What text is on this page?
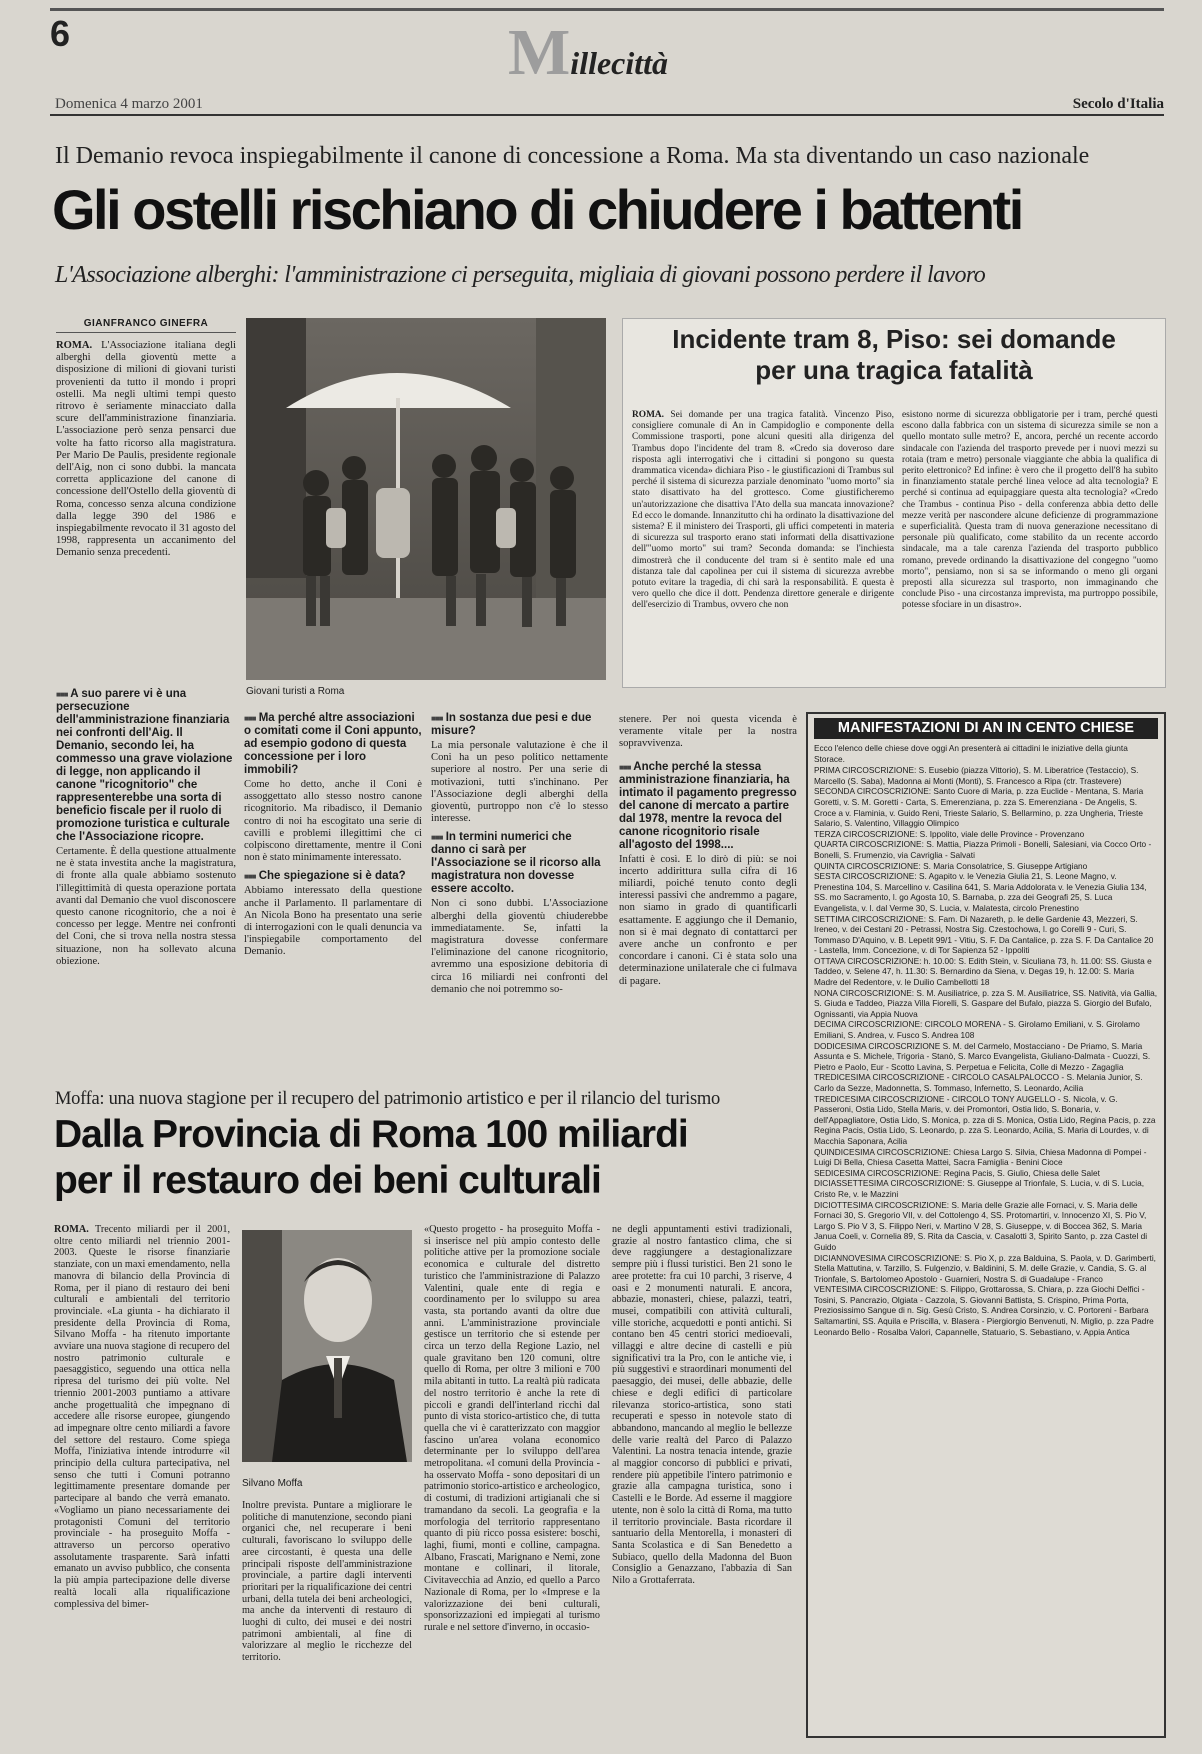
6	Millecittà
Domenica 4 marzo 2001	Secolo d'Italia
Il Demanio revoca inspiegabilmente il canone di concessione a Roma. Ma sta diventando un caso nazionale
Gli ostelli rischiano di chiudere i battenti
L'Associazione alberghi: l'amministrazione ci perseguita, migliaia di giovani possono perdere il lavoro
GIANFRANCO GINEFRA

ROMA. L'Associazione italiana degli alberghi della gioventù mette a disposizione di milioni di giovani turisti provenienti da tutto il mondo i propri ostelli. Ma negli ultimi tempi questo ritrovo è seriamente minacciato dalla scure dell'amministrazione finanziaria. L'associazione però senza pensarci due volte ha fatto ricorso alla magistratura. Per Mario De Paulis, presidente regionale dell'Aig, non ci sono dubbi. la mancata corretta applicazione del canone di concessione dell'Ostello della gioventù di Roma, concesso senza alcuna condizione dalla legge 390 del 1986 e inspiegabilmente revocato il 31 agosto del 1998, rappresenta un accanimento del Demanio senza precedenti.

Giovani turisti a Roma
■■■ A suo parere vi è una persecuzione dell'amministrazione finanziaria nei confronti dell'Aig. Il Demanio, secondo lei, ha commesso una grave violazione di legge, non applicando il canone "ricognitorio" che rappresenterebbe una sorta di beneficio fiscale per il ruolo di promozione turistica e culturale che l'Associazione ricopre.

Certamente. È della questione attualmente ne è stata investita anche la magistratura, di fronte alla quale abbiamo sostenuto l'illegittimità di questa operazione portata avanti dal Demanio che vuol disconoscere questo canone ricognitorio, che a noi è concesso per legge. Mentre nei confronti del Coni, che si trova nella nostra stessa situazione, non ha sollevato alcuna obiezione.

■■■ Ma perché altre associazioni o comitati come il Coni appunto, ad esempio godono di questa concessione per i loro immobili?

Come ho detto, anche il Coni è assoggettato allo stesso nostro canone ricognitorio. Ma ribadisco, il Demanio contro di noi ha escogitato una serie di cavilli e problemi illegittimi che ci colpiscono direttamente, mentre il Coni non è stato minimamente interessato.

■■■ Che spiegazione si è data?

Abbiamo interessato della questione anche il Parlamento. Il parlamentare di An Nicola Bono ha presentato una serie di interrogazioni con le quali denuncia va l'inspiegabile comportamento del Demanio.

■■■ In sostanza due pesi e due misure?

La mia personale valutazione è che il Coni ha un peso politico nettamente superiore al nostro. Per una serie di motivazioni, tutti s'inchinano. Per l'Associazione degli alberghi della gioventù, purtroppo non c'è lo stesso interesse.

■■■ In termini numerici che danno ci sarà per l'Associazione se il ricorso alla magistratura non dovesse essere accolto.

Non ci sono dubbi. L'Associazione alberghi della gioventù chiuderebbe immediatamente. Se, infatti la magistratura dovesse confermare l'eliminazione del canone ricognitorio, avremmo una esposizione debitoria di circa 16 miliardi nei confronti del demanio che noi potremmo so-

stenere. Per noi questa vicenda è veramente vitale per la nostra sopravvivenza.

■■■ Anche perché la stessa amministrazione finanziaria, ha intimato il pagamento pregresso del canone di mercato a partire dal 1978, mentre la revoca del canone ricognitorio risale all'agosto del 1998....

Infatti è così. E lo dirò di più: se noi incerto addirittura sulla cifra di 16 miliardi, poiché tenuto conto degli interessi passivi che andremmo a pagare, non siamo in grado di quantificarli esattamente. E aggiungo che il Demanio, non si è mai degnato di contattarci per avere anche un confronto e per concordare i canoni. Ci è stata solo una determinazione unilaterale che ci fulmava di pagare.

Incidente tram 8, Piso: sei domande
per una tragica fatalità

ROMA. Sei domande per una tragica fatalità. Vincenzo Piso, consigliere comunale di An in Campidoglio e componente della Commissione trasporti, pone alcuni quesiti alla dirigenza del Trambus dopo l'incidente del tram 8. «Credo sia doveroso dare risposta agli interrogativi che i cittadini si pongono su questa drammatica vicenda» dichiara Piso - le giustificazioni di Trambus sul perché il sistema di sicurezza parziale denominato "uomo morto" sia stato disattivato ha del grottesco. Come giustificheremo un'autorizzazione che disattiva l'Ato della sua mancata innovazione? Ed ecco le domande. Innanzitutto chi ha ordinato la disattivazione del sistema? E il ministero dei Trasporti, gli uffici competenti in materia di sicurezza sul trasporto erano stati informati della disattivazione dell'"uomo morto" sui tram? Seconda domanda: se l'inchiesta dimostrerà che il conducente del tram si è sentito male ed una distanza tale dal capolinea per cui il sistema di sicurezza avrebbe potuto evitare la tragedia, di chi sarà la responsabilità. E questa è vero quello che dice il dott. Pendenza direttore generale e dirigente dell'esercizio di Trambus, ovvero che non

esistono norme di sicurezza obbligatorie per i tram, perché questi escono dalla fabbrica con un sistema di sicurezza simile se non a quello montato sulle metro? E, ancora, perché un recente accordo sindacale con l'azienda del trasporto prevede per i nuovi mezzi su rotaia (tram e metro) personale viaggiante che abbia la qualifica di perito elettronico? Ed infine: è vero che il progetto dell'8 ha subìto in finanziamento statale perché linea veloce ad alta tecnologia? E perché si continua ad equipaggiare questa alta tecnologia? «Credo che Trambus - continua Piso - della conferenza abbia detto delle mezze verità per nascondere alcune deficienze di programmazione e superficialità. Questa tram di nuova generazione necessitano di personale più qualificato, come stabilito da un recente accordo sindacale, ma a tale carenza l'azienda del trasporto pubblico romano, prevede ordinando la disattivazione del congegno "uomo morto", pensiamo, non si sa se informando o meno gli organi preposti alla sicurezza sul trasporto, non immaginando che conclude Piso - una circostanza imprevista, ma purtroppo possibile, potesse sfociare in un disastro».

MANIFESTAZIONI DI AN IN CENTO CHIESE

Ecco l'elenco delle chiese dove oggi An presenterà ai cittadini le iniziative della giunta Storace.

PRIMA CIRCOSCRIZIONE: S. Eusebio (piazza Vittorio), S. M. Liberatrice (Testaccio), S. Marcello (S. Saba), Madonna ai Monti (Monti), S. Francesco a Ripa (ctr. Trastevere)

SECONDA CIRCOSCRIZIONE: Santo Cuore di Maria, p. zza Euclide - Mentana, S. Maria Goretti, v. S. M. Goretti - Carta, S. Emerenziana, p. zza S. Emerenziana - De Angelis, S. Croce a v. Flaminia, v. Guido Reni, Trieste Salario, S. Bellarmino, p. zza Ungheria, Trieste Salario, S. Valentino, Villaggio Olimpico

TERZA CIRCOSCRIZIONE: S. Ippolito, viale delle Province - Provenzano

QUARTA CIRCOSCRIZIONE: S. Mattia, Piazza Primoli - Bonelli, Salesiani, via Cocco Orto - Bonelli, S. Frumenzio, via Cavriglia - Salvati

QUINTA CIRCOSCRIZIONE: S. Maria Consolatrice, S. Giuseppe Artigiano

SESTA CIRCOSCRIZIONE: S. Agapito v. le Venezia Giulia 21, S. Leone Magno, v. Prenestina 104, S. Marcellino v. Casilina 641, S. Maria Addolorata v. le Venezia Giulia 134, SS. mo Sacramento, l. go Agosta 10, S. Barnaba, p. zza dei Geografi 25, S. Luca Evangelista, v. l. dal Verme 30, S. Lucia, v. Malatesta, circolo Prenestino

SETTIMA CIRCOSCRIZIONE: S. Fam. Di Nazareth, p. le delle Gardenie 43, Mezzeri, S. Ireneo, v. dei Cestani 20 - Petrassi, Nostra Sig. Czestochowa, l. go Corelli 9 - Curi, S. Tommaso D'Aquino, v. B. Lepetit 99/1 - Vitiu, S. F. Da Cantalice, p. zza S. F. Da Cantalice 20 - Lastella, Imm. Concezione, v. di Tor Sapienza 52 - Ippoliti

OTTAVA CIRCOSCRIZIONE: h. 10.00: S. Edith Stein, v. Siculiana 73, h. 11.00: SS. Giusta e Taddeo, v. Selene 47, h. 11.30: S. Bernardino da Siena, v. Degas 19, h. 12.00: S. Maria Madre del Redentore, v. le Duilio Cambellotti 18

NONA CIRCOSCRIZIONE: S. M. Ausiliatrice, p. zza S. M. Ausiliatrice, SS. Natività, via Gallia, S. Giuda e Taddeo, Piazza Villa Fiorelli, S. Gaspare del Bufalo, piazza S. Giorgio del Bufalo, Ognissanti, via Appia Nuova

DECIMA CIRCOSCRIZIONE: CIRCOLO MORENA - S. Girolamo Emiliani, v. S. Girolamo Emiliani, S. Andrea, v. Fusco S. Andrea 108

DODICESIMA CIRCOSCRIZIONE S. M. del Carmelo, Mostacciano - De Priamo, S. Maria Assunta e S. Michele, Trigoria - Stanò, S. Marco Evangelista, Giuliano-Dalmata - Cuozzi, S. Pietro e Paolo, Eur - Scotto Lavina, S. Perpetua e Felicita, Colle di Mezzo - Zagaglia

TREDICESIMA CIRCOSCRIZIONE - CIRCOLO CASALPALOCCO - S. Melania Junior, S. Carlo da Sezze, Madonnetta, S. Tommaso, Infernetto, S. Leonardo, Acilia

TREDICESIMA CIRCOSCRIZIONE - CIRCOLO TONY AUGELLO - S. Nicola, v. G. Passeroni, Ostia Lido, Stella Maris, v. dei Promontori, Ostia lido, S. Bonaria, v. dell'Appagliatore, Ostia Lido, S. Monica, p. zza di S. Monica, Ostia Lido, Regina Pacis, p. zza Regina Pacis, Ostia Lido, S. Leonardo, p. zza S. Leonardo, Acilia, S. Maria di Lourdes, v. di Macchia Saponara, Acilia

QUINDICESIMA CIRCOSCRIZIONE: Chiesa Largo S. Silvia, Chiesa Madonna di Pompei - Luigi Di Bella, Chiesa Casetta Mattei, Sacra Famiglia - Benini Cioce

SEDICESIMA CIRCOSCRIZIONE: Regina Pacis, S. Giulio, Chiesa delle Salet

DICIASSETTESIMA CIRCOSCRIZIONE: S. Giuseppe al Trionfale, S. Lucia, v. di S. Lucia, Cristo Re, v. le Mazzini

DICIOTTESIMA CIRCOSCRIZIONE: S. Maria delle Grazie alle Fornaci, v. S. Maria delle Fornaci 30, S. Gregorio VII, v. del Cottolengo 4, SS. Protomartiri, v. Innocenzo XI, S. Pio V, Largo S. Pio V 3, S. Filippo Neri, v. Martino V 28, S. Giuseppe, v. di Boccea 362, S. Maria Janua Coeli, v. Cornelia 89, S. Rita da Cascia, v. Casalotti 3, Spirito Santo, p. zza Castel di Guido

DICIANNOVESIMA CIRCOSCRIZIONE: S. Pio X, p. zza Balduina, S. Paola, v. D. Garimberti, Stella Mattutina, v. Tarzillo, S. Fulgenzio, v. Baldinini, S. M. delle Grazie, v. Candia, S. G. al Trionfale, S. Bartolomeo Apostolo - Guarnieri, Nostra S. di Guadalupe - Franco

VENTESIMA CIRCOSCRIZIONE: S. Filippo, Grottarossa, S. Chiara, p. zza Giochi Delfici - Tosini, S. Pancrazio, Olgiata - Cazzola, S. Giovanni Battista, S. Crispino, Prima Porta, Preziosissimo Sangue di n. Sig. Gesù Cristo, S. Andrea Corsinzio, v. C. Portoreni - Barbara Saltamartini, SS. Aquila e Priscilla, v. Blasera - Piergiorgio Benvenuti, N. Miglio, p. zza Padre Leonardo Bello - Rosalba Valori, Capannelle, Statuario, S. Sebastiano, v. Appia Antica

Moffa: una nuova stagione per il recupero del patrimonio artistico e per il rilancio del turismo
Dalla Provincia di Roma 100 miliardi
per il restauro dei beni culturali

ROMA. Trecento miliardi per il 2001, oltre cento miliardi nel triennio 2001-2003. Queste le risorse finanziarie stanziate, con un maxi emendamento, nella manovra di bilancio della Provincia di Roma, per il piano di restauro dei beni culturali e ambientali del territorio provinciale. «La giunta - ha dichiarato il presidente della Provincia di Roma, Silvano Moffa - ha ritenuto importante avviare una nuova stagione di recupero del nostro patrimonio culturale e paesaggistico, seguendo una ottica nella ripresa del turismo dei più volte. Nel triennio 2001-2003 puntiamo a attivare anche progettualità che impegnano di accedere alle risorse europee, giungendo ad impegnare oltre cento miliardi a favore del settore del restauro. Come spiega Moffa, l'iniziativa intende introdurre «il principio della cultura partecipativa, nel senso che tutti i Comuni potranno legittimamente presentare domande per partecipare al bando che verrà emanato. «Vogliamo un piano necessariamente dei protagonisti Comuni del territorio provinciale - ha proseguito Moffa - attraverso un percorso operativo assolutamente trasparente. Sarà infatti emanato un avviso pubblico, che consenta la più ampia partecipazione delle diverse realtà locali alla riqualificazione complessiva del bimer-

Silvano Moffa

Inoltre prevista. Puntare a migliorare le politiche di manutenzione, secondo piani organici che, nel recuperare i beni culturali, favoriscano lo sviluppo delle aree circostanti, è questa una delle principali risposte dell'amministrazione provinciale, a partire dagli interventi prioritari per la riqualificazione dei centri urbani, della tutela dei beni archeologici, ma anche da interventi di restauro di luoghi di culto, dei musei e dei nostri patrimoni ambientali, al fine di valorizzare al meglio le ricchezze del territorio.

«Questo progetto - ha proseguito Moffa - si inserisce nel più ampio contesto delle politiche attive per la promozione sociale economica e culturale del distretto turistico che l'amministrazione di Palazzo Valentini, quale ente di regia e coordinamento per lo sviluppo su area vasta, sta portando avanti da oltre due anni. L'amministrazione provinciale gestisce un territorio che si estende per circa un terzo della Regione Lazio, nel quale gravitano ben 120 comuni, oltre quello di Roma, per oltre 3 milioni e 700 mila abitanti in tutto. La realtà più radicata del nostro territorio è anche la rete di piccoli e grandi dell'interland ricchi dal punto di vista storico-artistico che, di tutta quella che vi è caratterizzato con maggior fascino un'area volana economico determinante per lo sviluppo dell'area metropolitana. «I comuni della Provincia - ha osservato Moffa - sono depositari di un patrimonio storico-artistico e archeologico, di costumi, di tradizioni artigianali che si tramandano da secoli. La geografia e la morfologia del territorio rappresentano quanto di più ricco possa esistere: boschi, laghi, fiumi, monti e colline, campagna. Albano, Frascati, Marignano e Nemi, zone montane e collinari, il litorale, Civitavecchia ad Anzio, ed quello a Parco Nazionale di Roma, per lo «Imprese e la valorizzazione dei beni culturali, sponsorizzazioni ed impiegati al turismo rurale e nel settore d'inverno, in occasio-

ne degli appuntamenti estivi tradizionali, grazie al nostro fantastico clima, che si deve raggiungere a destagionalizzare sempre più i flussi turistici. Ben 21 sono le aree protette: fra cui 10 parchi, 3 riserve, 4 oasi e 2 monumenti naturali. E ancora, abbazie, monasteri, chiese, palazzi, teatri, musei, compatibili con attività culturali, ville storiche, acquedotti e ponti antichi. Si contano ben 45 centri storici medioevali, villaggi e altre decine di castelli e più significativi tra la Pro, con le antiche vie, i più suggestivi e straordinari monumenti del paesaggio, dei musei, delle abbazie, delle chiese e degli edifici di particolare rilevanza storico-artistica, sono stati recuperati e spesso in notevole stato di abbandono, mancando al meglio le bellezze delle varie realtà del Parco di Palazzo Valentini. La nostra tenacia intende, grazie al maggior concorso di pubblici e privati, rendere più appetibile l'intero patrimonio e grazie alla campagna turistica, sono i Castelli e le Borde. Ad esserne il maggiore utente, non è solo la città di Roma, ma tutto il territorio provinciale. Basta ricordare il santuario della Mentorella, i monasteri di Santa Scolastica e di San Benedetto a Subiaco, quello della Madonna del Buon Consiglio a Genazzano, l'abbazia di San Nilo a Grottaferrata.
